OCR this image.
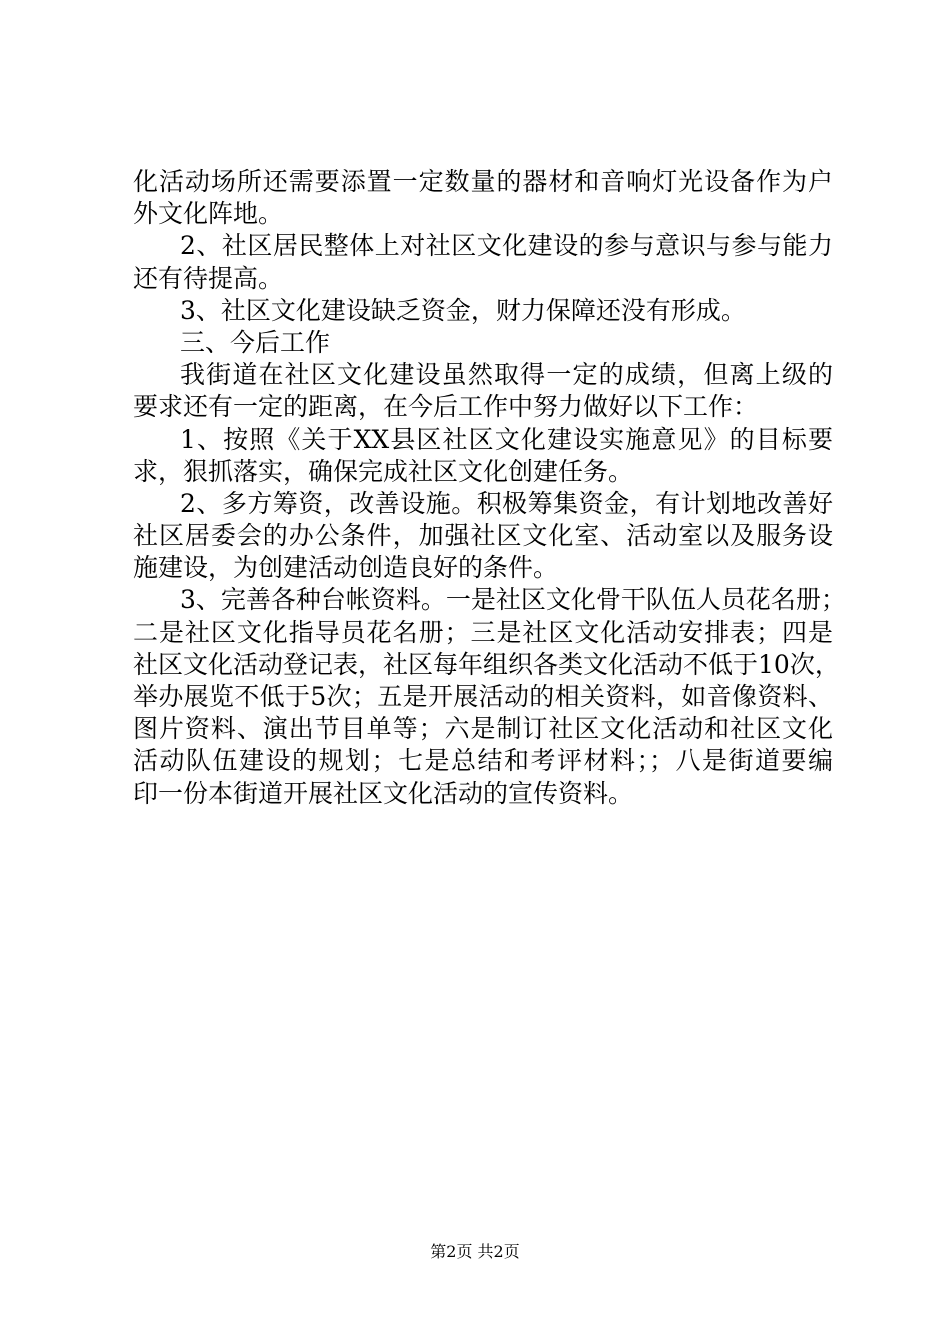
化活动场所还需要添置一定数量的器材和音响灯光设备作为户
外文化阵地。
2、社区居民整体上对社区文化建设的参与意识与参与能力
还有待提高。
3、社区文化建设缺乏资金，财力保障还没有形成。
三、今后工作
我街道在社区文化建设虽然取得一定的成绩，但离上级的
要求还有一定的距离，在今后工作中努力做好以下工作：
1、按照《关于XX县区社区文化建设实施意见》的目标要
求，狠抓落实，确保完成社区文化创建任务。
2、多方筹资，改善设施。积极筹集资金，有计划地改善好
社区居委会的办公条件，加强社区文化室、活动室以及服务设
施建设，为创建活动创造良好的条件。
3、完善各种台帐资料。一是社区文化骨干队伍人员花名册；
二是社区文化指导员花名册；三是社区文化活动安排表；四是
社区文化活动登记表，社区每年组织各类文化活动不低于10次，
举办展览不低于5次；五是开展活动的相关资料，如音像资料、
图片资料、演出节目单等；六是制订社区文化活动和社区文化
活动队伍建设的规划；七是总结和考评材料；；八是街道要编
印一份本街道开展社区文化活动的宣传资料。
第2页 共2页
